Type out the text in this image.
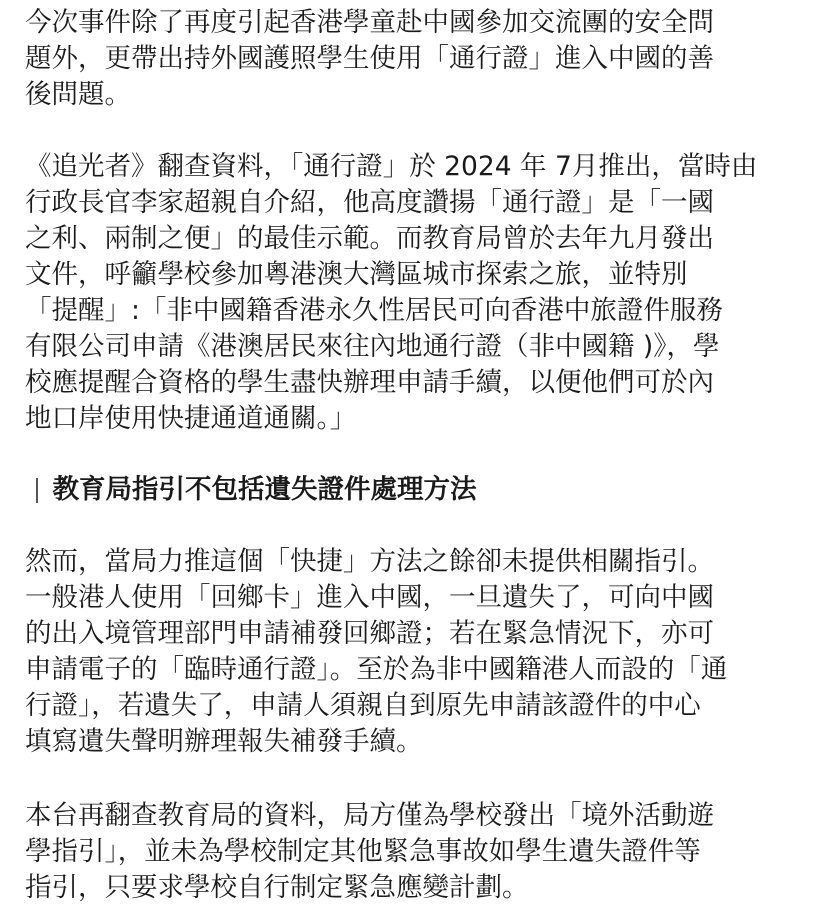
今次事件除了再度引起香港學童赴中國參加交流團的安全問
題外，更帶出持外國護照學生使用「通行證」進入中國的善
後問題。

《追光者》翻查資料，「通行證」於 2024 年 7月推出，當時由
行政長官李家超親自介紹，他高度讚揚「通行證」是「一國
之利、兩制之便」的最佳示範。而教育局曾於去年九月發出
文件，呼籲學校參加粵港澳大灣區城市探索之旅，並特別
「提醒」:「非中國籍香港永久性居民可向香港中旅證件服務
有限公司申請《港澳居民來往內地通行證（非中國籍 )》，學
校應提醒合資格的學生盡快辦理申請手續，以便他們可於內
地口岸使用快捷通道通關。」

教育局指引不包括遺失證件處理方法

然而，當局力推這個「快捷」方法之餘卻未提供相關指引。
一般港人使用「回鄉卡」進入中國，一旦遺失了，可向中國
的出入境管理部門申請補發回鄉證；若在緊急情況下，亦可
申請電子的「臨時通行證」。至於為非中國籍港人而設的「通
行證」，若遺失了，申請人須親自到原先申請該證件的中心
填寫遺失聲明辦理報失補發手續。

本台再翻查教育局的資料，局方僅為學校發出「境外活動遊
學指引」，並未為學校制定其他緊急事故如學生遺失證件等
指引，只要求學校自行制定緊急應變計劃。
